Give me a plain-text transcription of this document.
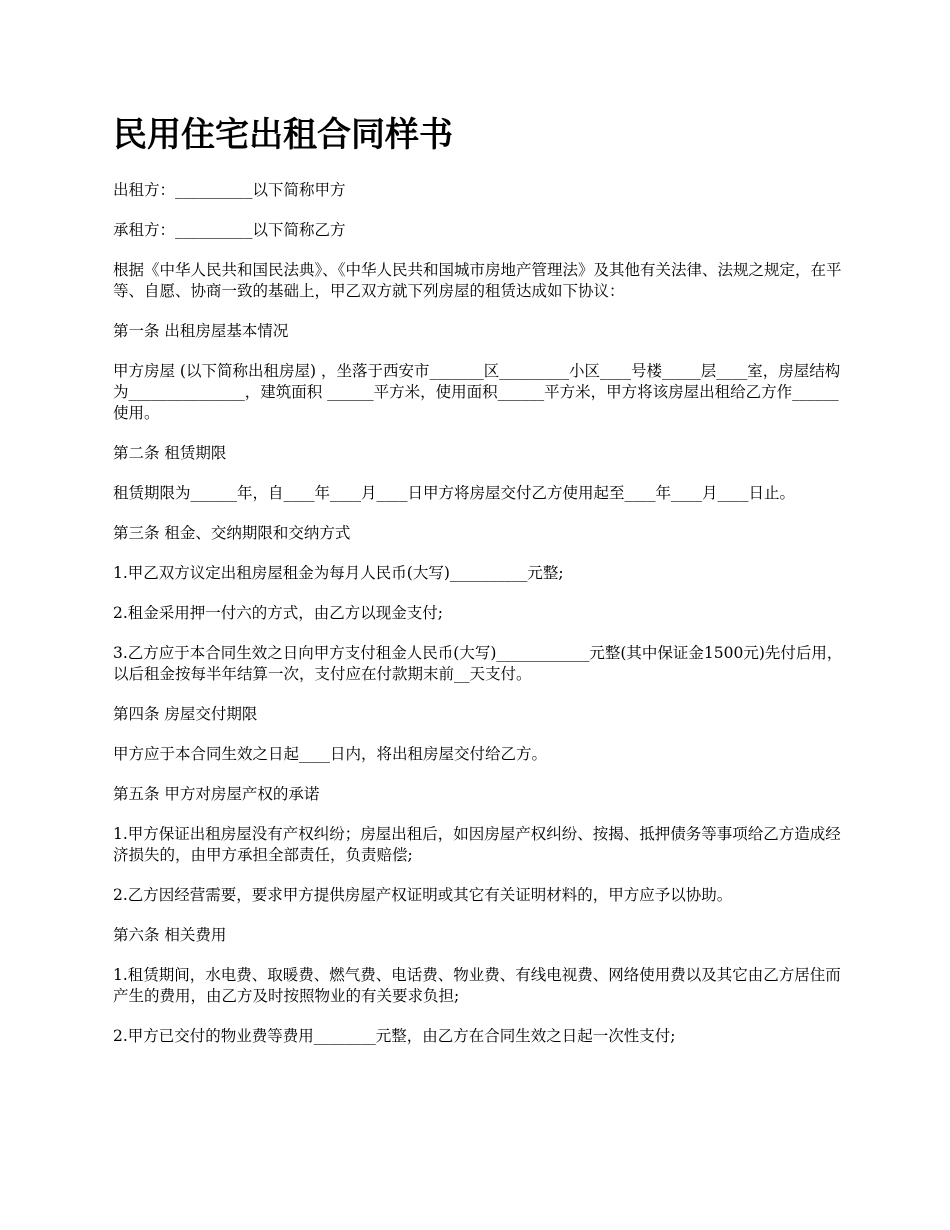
民用住宅出租合同样书

出租方：__________以下简称甲方

承租方：__________以下简称乙方

根据《中华人民共和国民法典》、《中华人民共和国城市房地产管理法》及其他有关法律、法规之规定，在平等、自愿、协商一致的基础上，甲乙双方就下列房屋的租赁达成如下协议：

第一条 出租房屋基本情况

甲方房屋 (以下简称出租房屋) ，坐落于西安市_______区_________小区____号楼_____层____室，房屋结构为_______________，建筑面积 ______平方米，使用面积______平方米，甲方将该房屋出租给乙方作______使用。

第二条 租赁期限

租赁期限为______年，自____年____月____日甲方将房屋交付乙方使用起至____年____月____日止。

第三条 租金、交纳期限和交纳方式

1.甲乙双方议定出租房屋租金为每月人民币(大写)__________元整;

2.租金采用押一付六的方式，由乙方以现金支付;

3.乙方应于本合同生效之日向甲方支付租金人民币(大写)____________元整(其中保证金1500元)先付后用，以后租金按每半年结算一次，支付应在付款期末前__天支付。

第四条 房屋交付期限

甲方应于本合同生效之日起____日内，将出租房屋交付给乙方。

第五条 甲方对房屋产权的承诺

1.甲方保证出租房屋没有产权纠纷；房屋出租后，如因房屋产权纠纷、按揭、抵押债务等事项给乙方造成经济损失的，由甲方承担全部责任，负责赔偿;

2.乙方因经营需要，要求甲方提供房屋产权证明或其它有关证明材料的，甲方应予以协助。

第六条 相关费用

1.租赁期间，水电费、取暖费、燃气费、电话费、物业费、有线电视费、网络使用费以及其它由乙方居住而产生的费用，由乙方及时按照物业的有关要求负担;

2.甲方已交付的物业费等费用________元整，由乙方在合同生效之日起一次性支付;
